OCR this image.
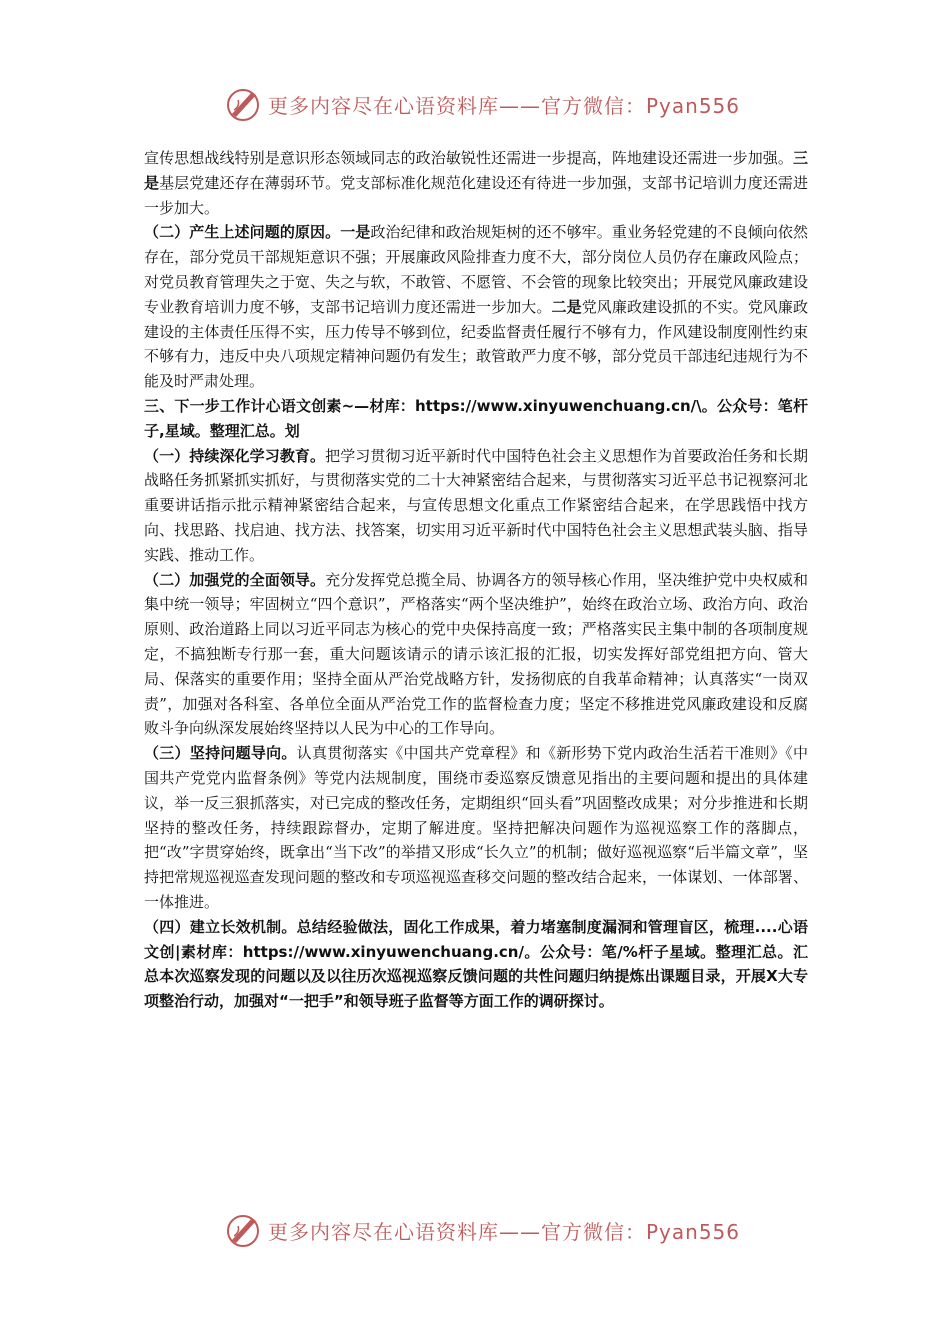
更多内容尽在心语资料库——官方微信：Pyan556

宣传思想战线特别是意识形态领域同志的政治敏锐性还需进一步提高，阵地建设还需进一步加强。三是基层党建还存在薄弱环节。党支部标准化规范化建设还有待进一步加强，支部书记培训力度还需进一步加大。

（二）产生上述问题的原因。一是政治纪律和政治规矩树的还不够牢。重业务轻党建的不良倾向依然存在，部分党员干部规矩意识不强；开展廉政风险排查力度不大，部分岗位人员仍存在廉政风险点；对党员教育管理失之于宽、失之与软，不敢管、不愿管、不会管的现象比较突出；开展党风廉政建设专业教育培训力度不够，支部书记培训力度还需进一步加大。二是党风廉政建设抓的不实。党风廉政建设的主体责任压得不实，压力传导不够到位，纪委监督责任履行不够有力，作风建设制度刚性约束不够有力，违反中央八项规定精神问题仍有发生；敢管敢严力度不够，部分党员干部违纪违规行为不能及时严肃处理。

三、下一步工作计心语文创素~—材库：https://www.xinyuwenchuang.cn/\。公众号：笔杆子,星域。整理汇总。划

（一）持续深化学习教育。把学习贯彻习近平新时代中国特色社会主义思想作为首要政治任务和长期战略任务抓紧抓实抓好，与贯彻落实党的二十大神紧密结合起来，与贯彻落实习近平总书记视察河北重要讲话指示批示精神紧密结合起来，与宣传思想文化重点工作紧密结合起来，在学思践悟中找方向、找思路、找启迪、找方法、找答案，切实用习近平新时代中国特色社会主义思想武装头脑、指导实践、推动工作。

（二）加强党的全面领导。充分发挥党总揽全局、协调各方的领导核心作用，坚决维护党中央权威和集中统一领导；牢固树立“四个意识”，严格落实“两个坚决维护”，始终在政治立场、政治方向、政治原则、政治道路上同以习近平同志为核心的党中央保持高度一致；严格落实民主集中制的各项制度规定，不搞独断专行那一套，重大问题该请示的请示该汇报的汇报，切实发挥好部党组把方向、管大局、保落实的重要作用；坚持全面从严治党战略方针，发扬彻底的自我革命精神；认真落实“一岗双责”，加强对各科室、各单位全面从严治党工作的监督检查力度；坚定不移推进党风廉政建设和反腐败斗争向纵深发展始终坚持以人民为中心的工作导向。

（三）坚持问题导向。认真贯彻落实《中国共产党章程》和《新形势下党内政治生活若干准则》《中国共产党党内监督条例》等党内法规制度，围绕市委巡察反馈意见指出的主要问题和提出的具体建议，举一反三狠抓落实，对已完成的整改任务，定期组织“回头看”巩固整改成果；对分步推进和长期坚持的整改任务，持续跟踪督办，定期了解进度。坚持把解决问题作为巡视巡察工作的落脚点，把“改”字贯穿始终，既拿出“当下改”的举措又形成“长久立”的机制；做好巡视巡察“后半篇文章”，坚持把常规巡视巡查发现问题的整改和专项巡视巡查移交问题的整改结合起来，一体谋划、一体部署、一体推进。

（四）建立长效机制。总结经验做法，固化工作成果，着力堵塞制度漏洞和管理盲区，梳理....心语文创|素材库：https://www.xinyuwenchuang.cn/。公众号：笔/%杆子星域。整理汇总。汇总本次巡察发现的问题以及以往历次巡视巡察反馈问题的共性问题归纳提炼出课题目录，开展X大专项整治行动，加强对“一把手”和领导班子监督等方面工作的调研探讨。

更多内容尽在心语资料库——官方微信：Pyan556
